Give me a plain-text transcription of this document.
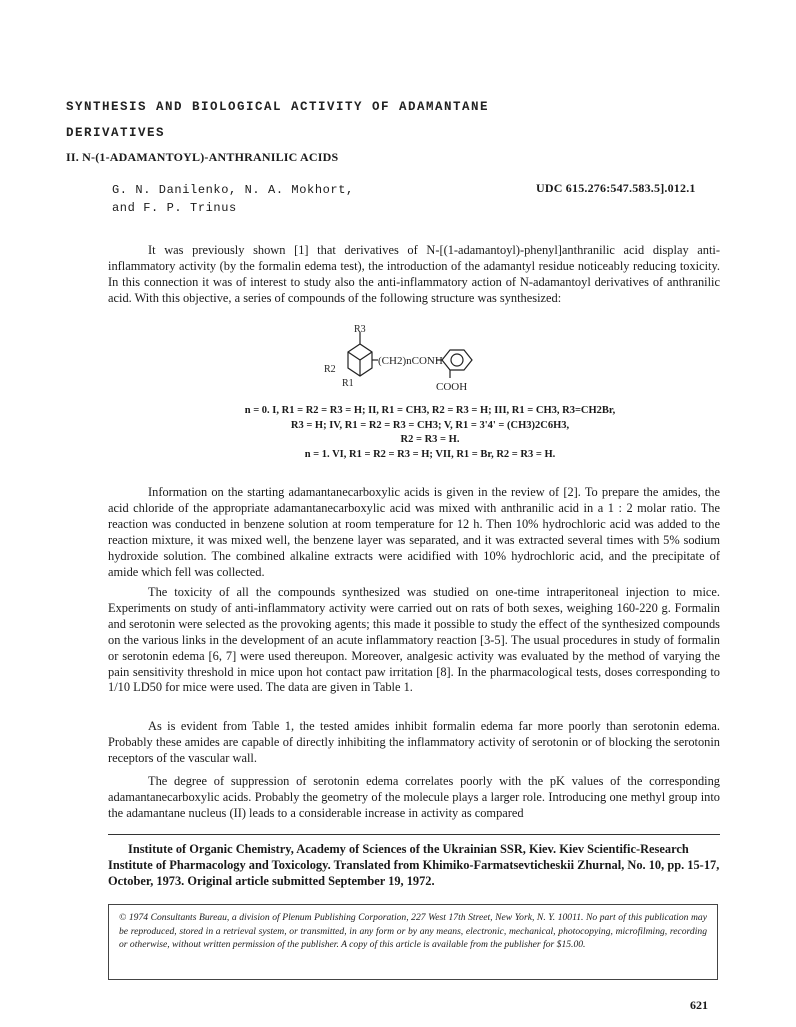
SYNTHESIS AND BIOLOGICAL ACTIVITY OF ADAMANTANE
DERIVATIVES
II. N-(1-ADAMANTOYL)-ANTHRANILIC ACIDS
G. N. Danilenko, N. A. Mokhort,
and F. P. Trinus
UDC 615.276:547.583.5].012.1

It was previously shown [1] that derivatives of N-[(1-adamantoyl)-phenyl]anthranilic acid display anti-inflammatory activity (by the formalin edema test), the introduction of the adamantyl residue noticeably reducing toxicity. In this connection it was of interest to study also the anti-inflammatory action of N-adamantoyl derivatives of anthranilic acid. With this objective, a series of compounds of the following structure was synthesized:

R3
R2
R1
(CH2)nCONH
COOH
n = 0. I, R1 = R2 = R3 = H; II, R1 = CH3, R2 = R3 = H; III, R1 = CH3, R3=CH2Br,
R3 = H; IV, R1 = R2 = R3 = CH3; V, R1 = 3'4' = (CH3)2C6H3,
R2 = R3 = H.
n = 1. VI, R1 = R2 = R3 = H; VII, R1 = Br, R2 = R3 = H.

Information on the starting adamantanecarboxylic acids is given in the review of [2]. To prepare the amides, the acid chloride of the appropriate adamantanecarboxylic acid was mixed with anthranilic acid in a 1 : 2 molar ratio. The reaction was conducted in benzene solution at room temperature for 12 h. Then 10% hydrochloric acid was added to the reaction mixture, it was mixed well, the benzene layer was separated, and it was extracted several times with 5% sodium hydroxide solution. The combined alkaline extracts were acidified with 10% hydrochloric acid, and the precipitate of amide which fell was collected.

The toxicity of all the compounds synthesized was studied on one-time intraperitoneal injection to mice. Experiments on study of anti-inflammatory activity were carried out on rats of both sexes, weighing 160-220 g. Formalin and serotonin were selected as the provoking agents; this made it possible to study the effect of the synthesized compounds on the various links in the development of an acute inflammatory reaction [3-5]. The usual procedures in study of formalin or serotonin edema [6, 7] were used thereupon. Moreover, analgesic activity was evaluated by the method of varying the pain sensitivity threshold in mice upon hot contact paw irritation [8]. In the pharmacological tests, doses corresponding to 1/10 LD50 for mice were used. The data are given in Table 1.

As is evident from Table 1, the tested amides inhibit formalin edema far more poorly than serotonin edema. Probably these amides are capable of directly inhibiting the inflammatory activity of serotonin or of blocking the serotonin receptors of the vascular wall.

The degree of suppression of serotonin edema correlates poorly with the pK values of the corresponding adamantanecarboxylic acids. Probably the geometry of the molecule plays a larger role. Introducing one methyl group into the adamantane nucleus (II) leads to a considerable increase in activity as compared

Institute of Organic Chemistry, Academy of Sciences of the Ukrainian SSR, Kiev. Kiev Scientific-Research Institute of Pharmacology and Toxicology. Translated from Khimiko-Farmatsevticheskii Zhurnal, No. 10, pp. 15-17, October, 1973. Original article submitted September 19, 1972.

© 1974 Consultants Bureau, a division of Plenum Publishing Corporation, 227 West 17th Street, New York, N. Y. 10011. No part of this publication may be reproduced, stored in a retrieval system, or transmitted, in any form or by any means, electronic, mechanical, photocopying, microfilming, recording or otherwise, without written permission of the publisher. A copy of this article is available from the publisher for $15.00.
621
